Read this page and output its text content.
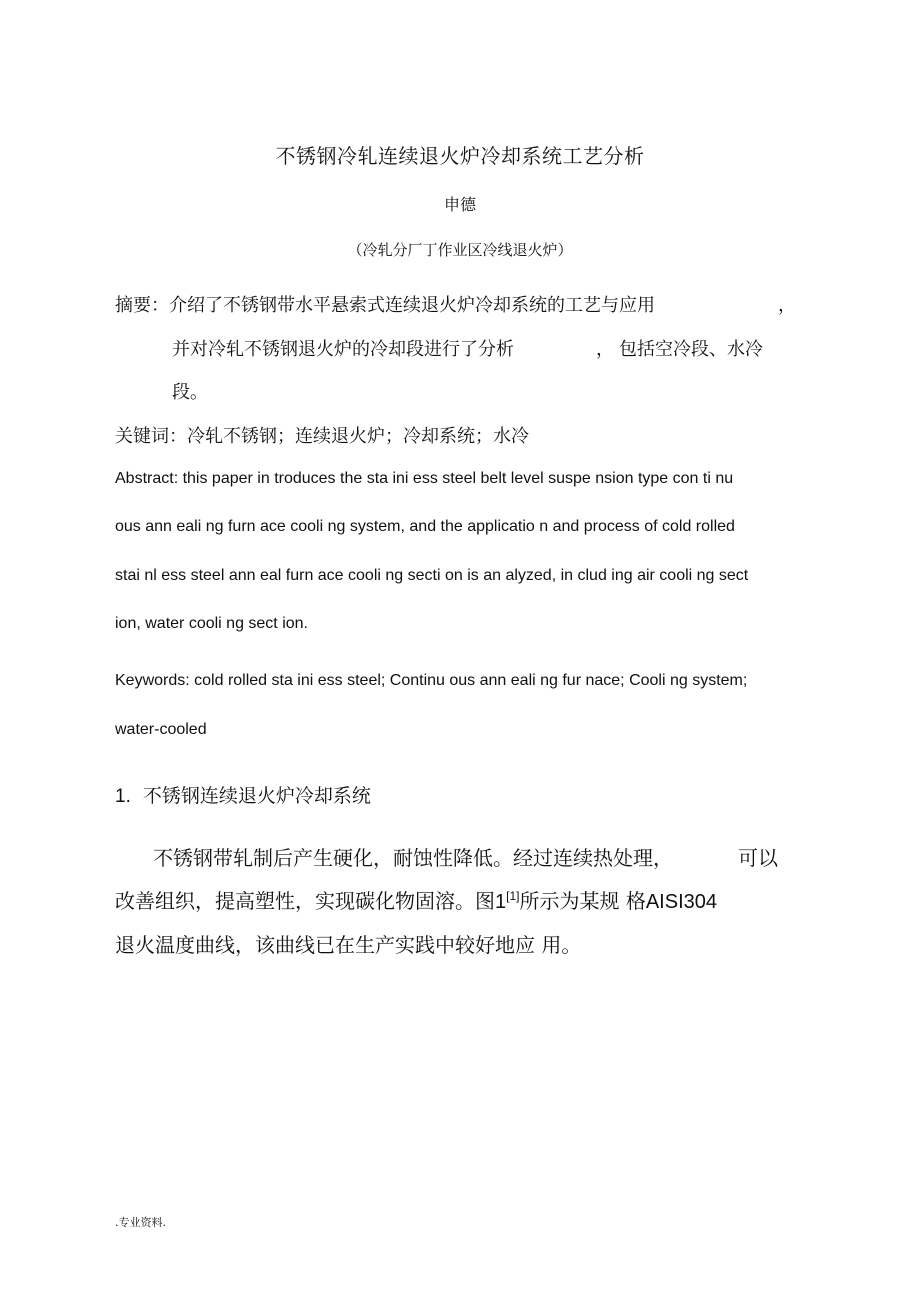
不锈钢冷轧连续退火炉冷却系统工艺分析
申德
（冷轧分厂丁作业区冷线退火炉）
摘要：介绍了不锈钢带水平悬索式连续退火炉冷却系统的工艺与应用	，
并对冷轧不锈钢退火炉的冷却段进行了分析	， 包括空冷段、水冷
段。
关键词：冷轧不锈钢；连续退火炉；冷却系统；水冷
Abstract: this paper in troduces the sta ini ess steel belt level suspe nsion type con ti nu
ous ann eali ng furn ace cooli ng system, and the applicatio n and process of cold rolled
stai nl ess steel ann eal furn ace cooli ng secti on is an alyzed, in clud ing air cooli ng sect
ion, water cooli ng sect ion.
Keywords: cold rolled sta ini ess steel; Continu ous ann eali ng fur nace; Cooli ng system;
water-cooled
1. 不锈钢连续退火炉冷却系统
不锈钢带轧制后产生硬化，耐蚀性降低。经过连续热处理，	可以
改善组织，提高塑性，实现碳化物固溶。图1[1]所示为某规 格AISI304
退火温度曲线，该曲线已在生产实践中较好地应 用。
.专业资料.
